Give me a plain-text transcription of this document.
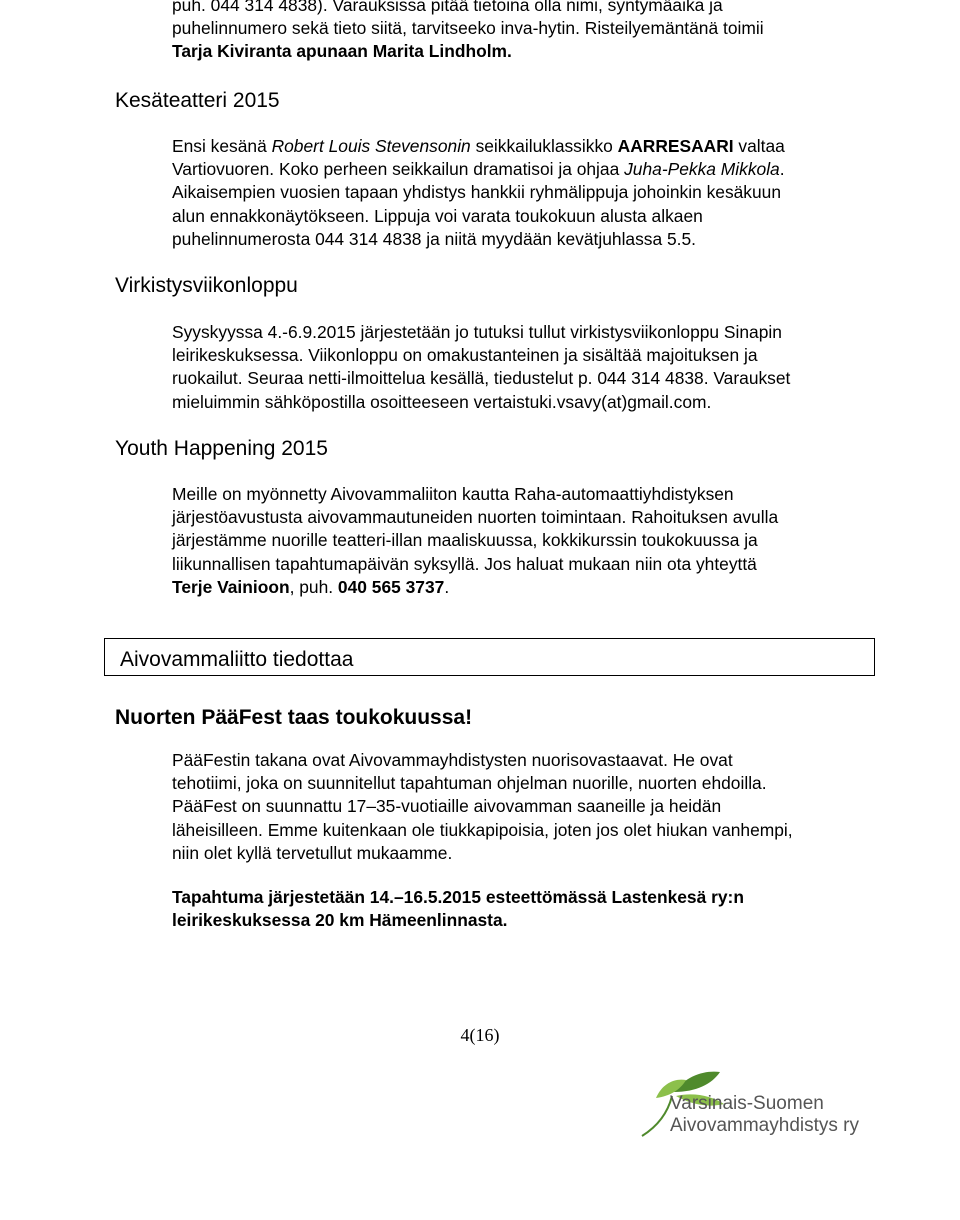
puh. 044 314 4838). Varauksissa pitää tietoina olla nimi, syntymäaika ja
puhelinnumero sekä tieto siitä, tarvitseeko inva-hytin. Risteilyemäntänä toimii
Tarja Kiviranta apunaan Marita Lindholm.
Kesäteatteri 2015
Ensi kesänä Robert Louis Stevensonin seikkailuklassikko AARRESAARI valtaa
Vartiovuoren. Koko perheen seikkailun dramatisoi ja ohjaa Juha-Pekka Mikkola.
Aikaisempien vuosien tapaan yhdistys hankkii ryhmälippuja johoinkin kesäkuun
alun ennakkonäytökseen. Lippuja voi varata toukokuun alusta alkaen
puhelinnumerosta 044 314 4838 ja niitä myydään kevätjuhlassa 5.5.
Virkistysviikonloppu
Syyskyyssa 4.-6.9.2015 järjestetään jo tutuksi tullut virkistysviikonloppu Sinapin
leirikeskuksessa. Viikonloppu on omakustanteinen ja sisältää majoituksen ja
ruokailut. Seuraa netti-ilmoittelua kesällä, tiedustelut p. 044 314 4838. Varaukset
mieluimmin sähköpostilla osoitteeseen vertaistuki.vsavy(at)gmail.com.
Youth Happening 2015
Meille on myönnetty Aivovammaliiton kautta Raha-automaattiyhdistyksen
järjestöavustusta aivovammautuneiden nuorten toimintaan. Rahoituksen avulla
järjestämme nuorille teatteri-illan maaliskuussa, kokkikurssin toukokuussa ja
liikunnallisen tapahtumapäivän syksyllä. Jos haluat mukaan niin ota yhteyttä
Terje Vainioon, puh. 040 565 3737.
Aivovammaliitto tiedottaa
Nuorten PääFest taas toukokuussa!
PääFestin takana ovat Aivovammayhdistysten nuorisovastaavat. He ovat
tehotiimi, joka on suunnitellut tapahtuman ohjelman nuorille, nuorten ehdoilla.
PääFest on suunnattu 17–35-vuotiaille aivovamman saaneille ja heidän
läheisilleen. Emme kuitenkaan ole tiukkapipoisia, joten jos olet hiukan vanhempi,
niin olet kyllä tervetullut mukaamme.
Tapahtuma järjestetään 14.–16.5.2015 esteettömässä Lastenkesä ry:n
leirikeskuksessa 20 km Hämeenlinnasta.
4(16)
Varsinais-Suomen
Aivovammayhdistys ry
